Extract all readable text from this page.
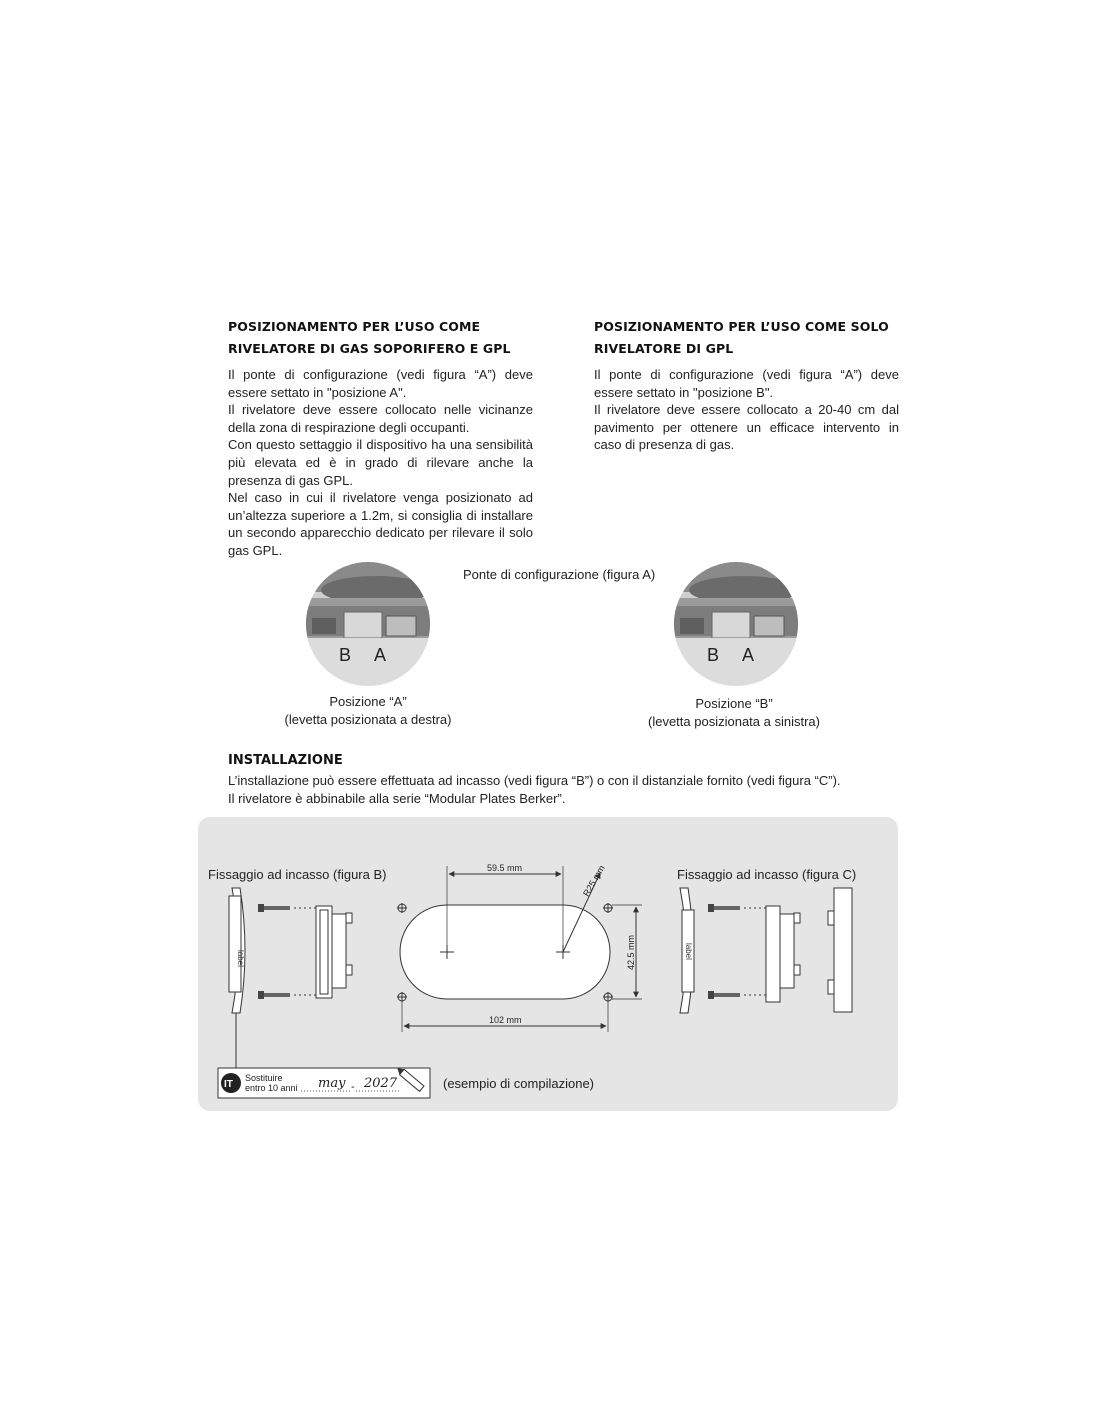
POSIZIONAMENTO PER L’USO COME
RIVELATORE DI GAS SOPORIFERO E GPL

Il ponte di configurazione (vedi figura “A”) deve essere settato in "posizione A".

Il rivelatore deve essere collocato nelle vicinanze della zona di respirazione degli occupanti.

Con questo settaggio il dispositivo ha una sensibilità più elevata ed è in grado di rilevare anche la presenza di gas GPL.

Nel caso in cui il rivelatore venga posizionato ad un’altezza superiore a 1.2m, si consiglia di installare un secondo apparecchio dedicato per rilevare il solo gas GPL.

POSIZIONAMENTO PER L’USO COME SOLO
RIVELATORE DI GPL

Il ponte di configurazione (vedi figura “A”) deve essere settato in "posizione B".

Il rivelatore deve essere collocato a 20-40 cm dal pavimento per ottenere un efficace intervento in caso di presenza di gas.

Ponte di configurazione (figura A)
B A
Posizione “A”
(levetta posizionata a destra)
B A
Posizione “B”
(levetta posizionata a sinistra)
INSTALLAZIONE

L’installazione può essere effettuata ad incasso (vedi figura “B”) o con il distanziale fornito (vedi figura “C”).

Il rivelatore è abbinabile alla serie “Modular Plates Berker”.

Fissaggio ad incasso (figura B)
label
59.5 mm	R25 mm
42.5 mm
102 mm
Fissaggio ad incasso (figura C)
label
IT
Sostituire
entro 10 anni may - 2027	(esempio di compilazione)
